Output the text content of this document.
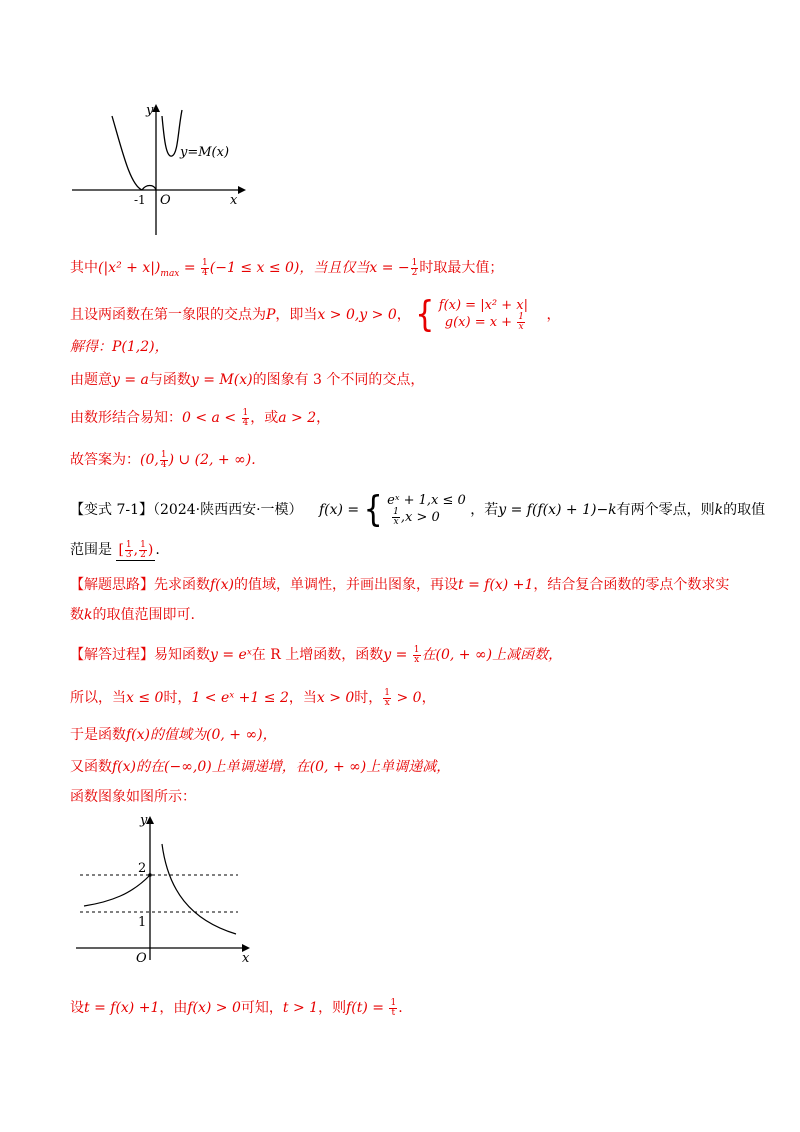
y
x
O
-1
y=M(x)
其中$(|x^2 + x|)_{max} = \frac{1}{4} (-1 \le x \le 0)$，当且仅当x = − $\frac{1}{2}$ 时取最大值；
且设两函数在第一象限的交点为P，即当x > 0,y > 0， { f(x) = |x² + x|
$g(x) = x + \frac{1}{x}$ ，
解得：P(1,2)，
由题意y = a与函数y = M(x)的图象有 3 个不同的交点，
由数形结合易知：$0 < a < \frac{1}{4}$ ，或a > 2，
故答案为：(0, $\frac{1}{4}$ ) ∪ (2, + ∞).
【变式 7-1】（2024·陕西西安·一模） f(x) = { eˣ + 1,x ≤ 0
$\frac{1}{x} ,x > 0$	，若y = f(f(x) + 1)−k有两个零点，则k的取值
范围是 [ $\frac{1}{3}$ , $\frac{1}{2}$ ) .
【解题思路】先求函数f(x)的值域，单调性，并画出图象，再设t = f(x) +1，结合复合函数的零点个数求实
数k的取值范围即可.
【解答过程】易知函数y = eˣ在 R 上增函数，函数$y = \frac{1}{x}$ 在(0, + ∞)上减函数，
所以，当x ≤ 0时，1 < eˣ +1 ≤ 2，当x > 0时， $\frac{1}{x} > 0$，
于是函数f(x)的值域为(0, + ∞)，
又函数f(x)的在(−∞,0)上单调递增，在(0, + ∞)上单调递减，
函数图象如图所示：
y
x
O
2
1
设t = f(x) +1，由f(x) > 0可知，t > 1，则$f(t) = \frac{1}{t}$ .
